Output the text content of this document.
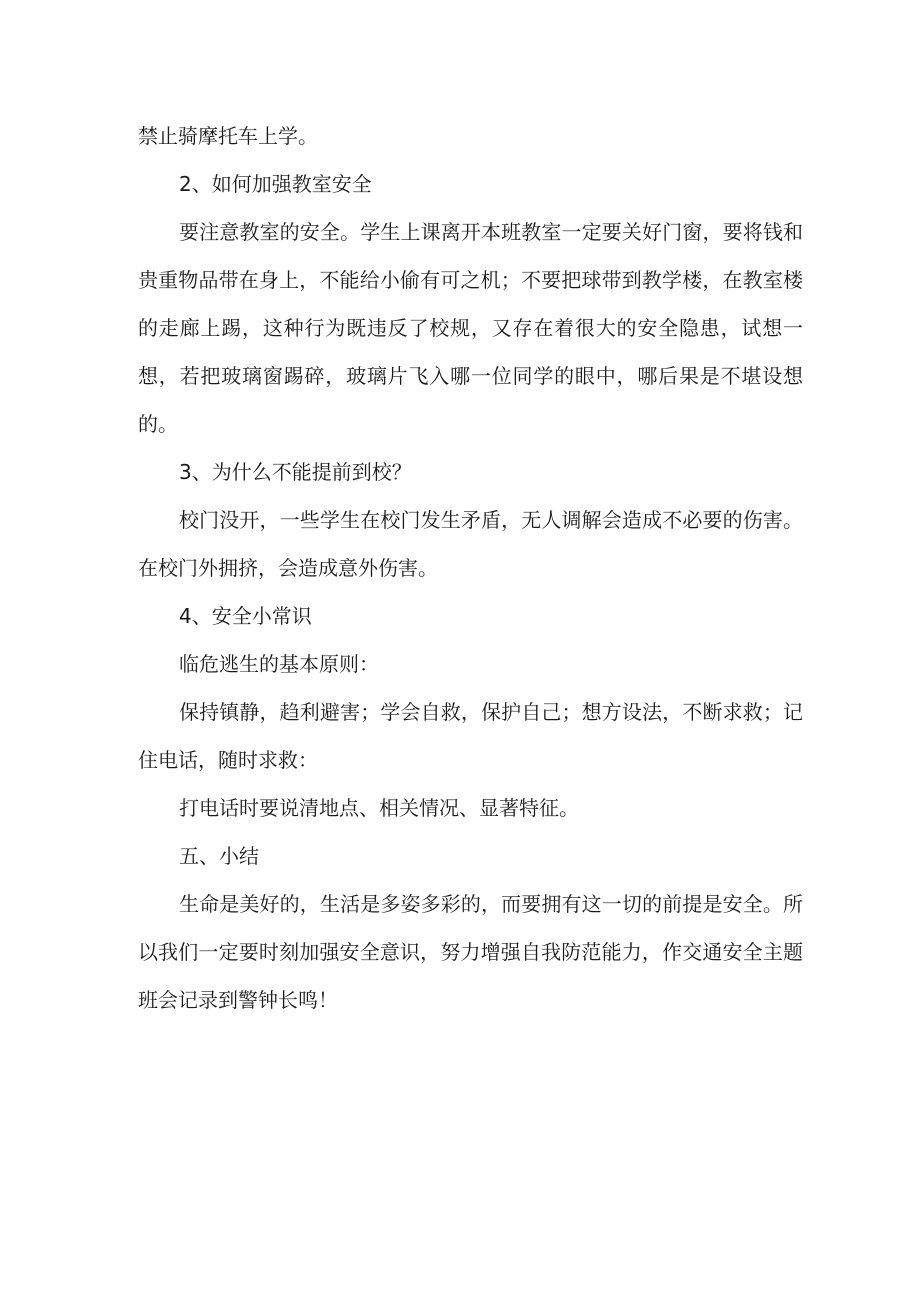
禁止骑摩托车上学。

2、如何加强教室安全

要注意教室的安全。学生上课离开本班教室一定要关好门窗，要将钱和贵重物品带在身上，不能给小偷有可之机；不要把球带到教学楼，在教室楼的走廊上踢，这种行为既违反了校规，又存在着很大的安全隐患，试想一想，若把玻璃窗踢碎，玻璃片飞入哪一位同学的眼中，哪后果是不堪设想的。

3、为什么不能提前到校？

校门没开，一些学生在校门发生矛盾，无人调解会造成不必要的伤害。在校门外拥挤，会造成意外伤害。

4、安全小常识

临危逃生的基本原则：

保持镇静，趋利避害；学会自救，保护自己；想方设法，不断求救；记住电话，随时求救：

打电话时要说清地点、相关情况、显著特征。

五、小结

生命是美好的，生活是多姿多彩的，而要拥有这一切的前提是安全。所以我们一定要时刻加强安全意识，努力增强自我防范能力，作交通安全主题班会记录到警钟长鸣！
